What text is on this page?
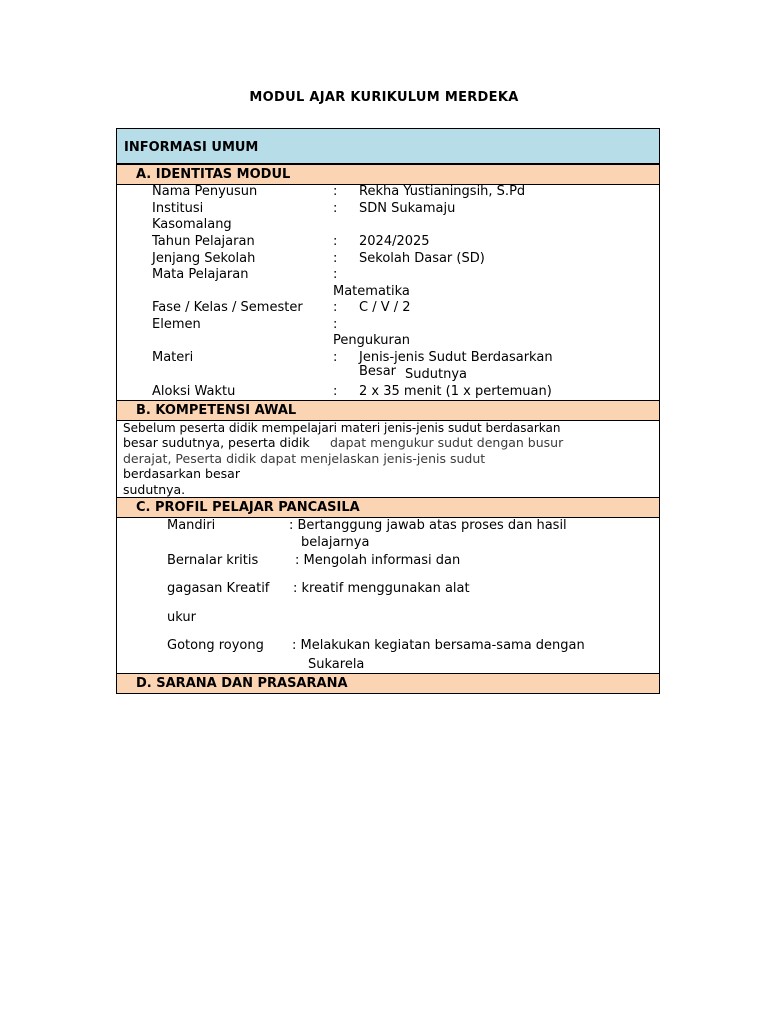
MODUL AJAR KURIKULUM MERDEKA
INFORMASI UMUM
A. IDENTITAS MODUL
Nama Penyusun	: Rekha Yustianingsih, S.Pd
Institusi	: SDN Sukamaju
Kasomalang
Tahun Pelajaran	: 2024/2025
Jenjang Sekolah	: Sekolah Dasar (SD)
Mata Pelajaran	:
Matematika
Fase / Kelas / Semester : C / V / 2
Elemen	:
Pengukuran
Materi	: Jenis-jenis Sudut Berdasarkan
Besar Sudutnya
Aloksi Waktu	: 2 x 35 menit (1 x pertemuan)
B. KOMPETENSI AWAL
Sebelum peserta didik mempelajari materi jenis-jenis sudut berdasarkan
besar sudutnya, peserta didik dapat mengukur sudut dengan busur
derajat, Peserta didik dapat menjelaskan jenis-jenis sudut
berdasarkan besar
sudutnya.
C. PROFIL PELAJAR PANCASILA
Mandiri	: Bertanggung jawab atas proses dan hasil
belajarnya
Bernalar kritis	: Mengolah informasi dan
gagasan Kreatif : kreatif menggunakan alat
ukur
Gotong royong : Melakukan kegiatan bersama-sama dengan
Sukarela
D. SARANA DAN PRASARANA
